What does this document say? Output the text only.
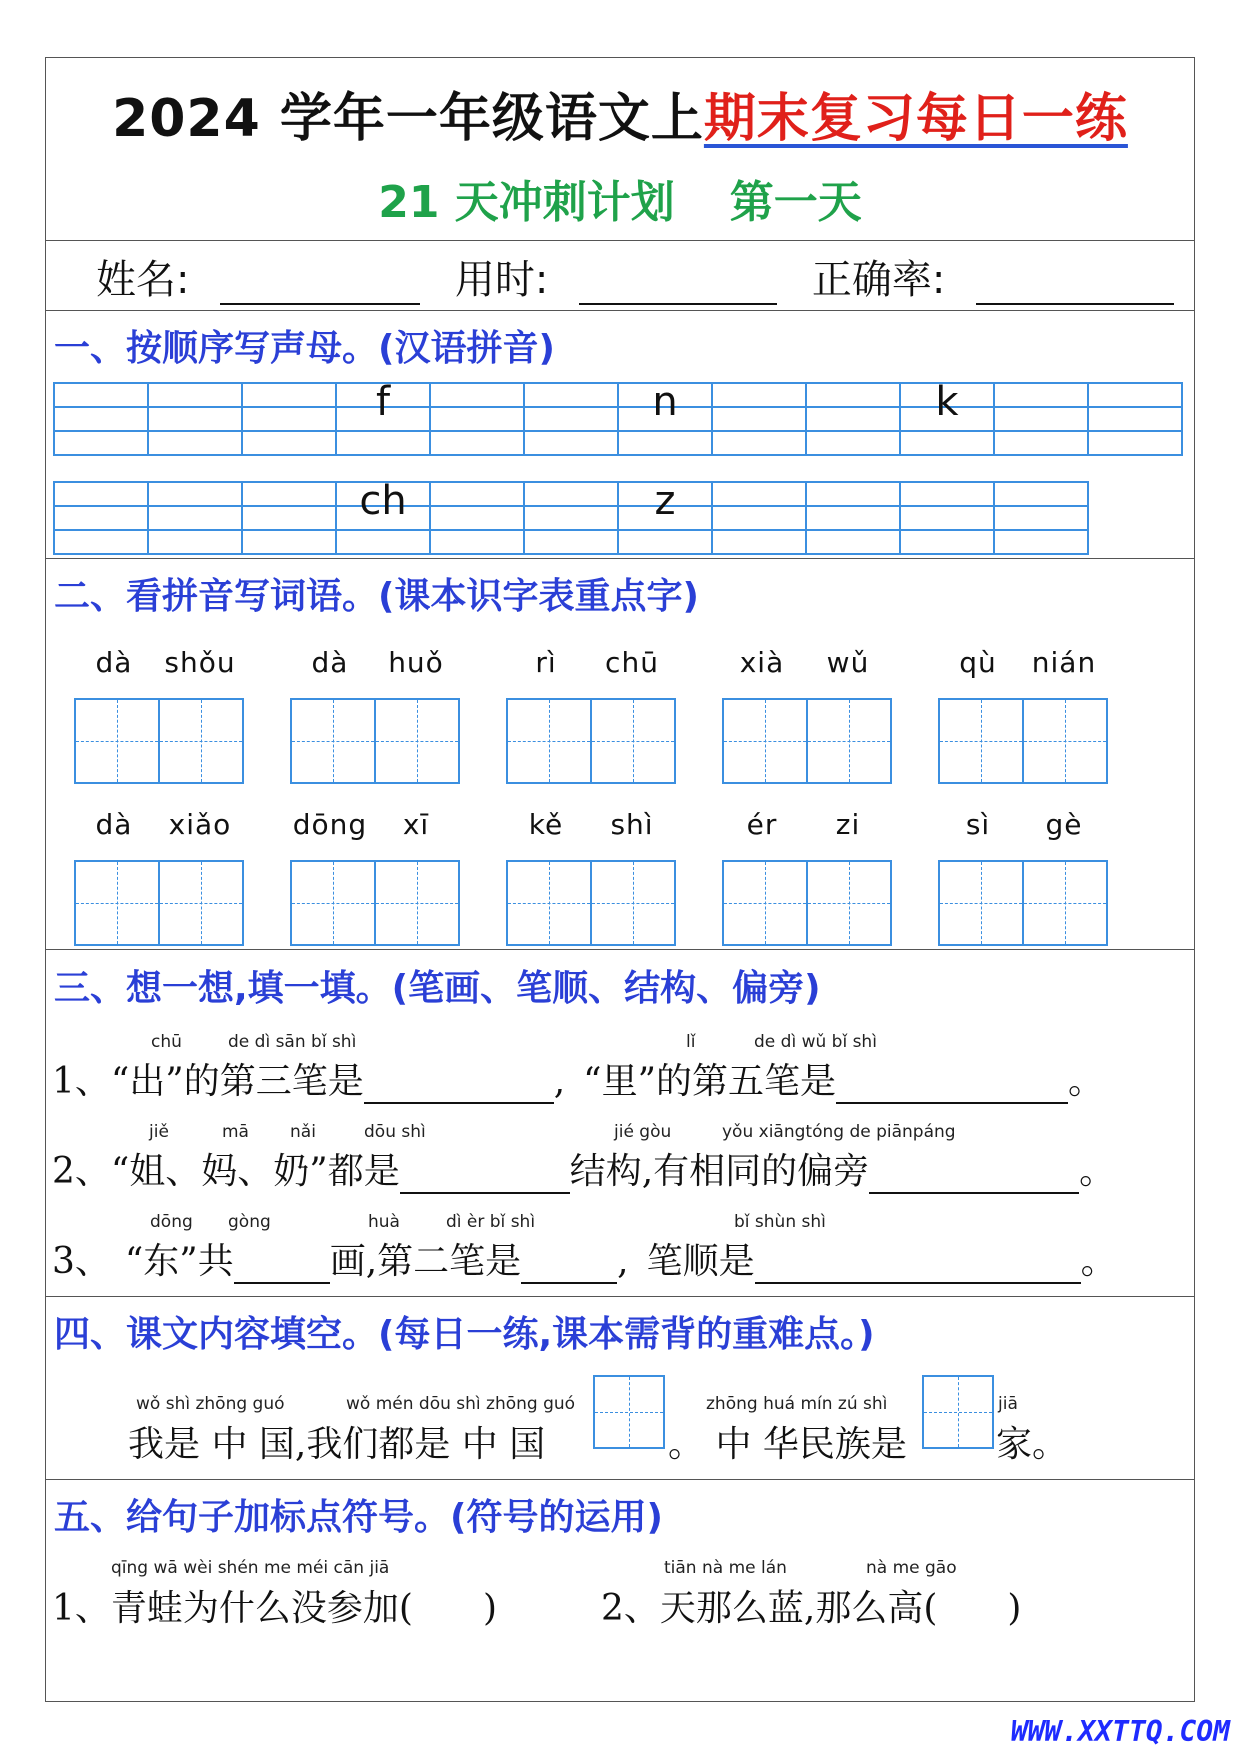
2024 学年一年级语文上期末复习每日一练
21 天冲刺计划 第一天
姓名:	用时:	正确率:
一、按顺序写声母。(汉语拼音)

			f			n			k		

			ch			z				

二、看拼音写词语。(课本识字表重点字)
dà shǒu	dà huǒ	rì chū	xià wǔ	qù nián
dà xiǎo	dōng xī	kě shì	ér zi	sì gè
三、想一想,填一填。(笔画、笔顺、结构、偏旁)
chū	de dì sān bǐ shì	lǐ	de dì wǔ bǐ shì
1、“出”的第三笔是	, “里”的第五笔是	。
jiě	mā nǎi	dōu shì	jié gòu	yǒu xiāngtóng de piānpáng
2、“姐、妈、奶”都是	结构,有相同的偏旁	。
dōng gòng	huà	dì èr bǐ shì	bǐ shùn shì
3、 “东”共	画,第二笔是	, 笔顺是	。
四、课文内容填空。(每日一练,课本需背的重难点。)
wǒ shì zhōng guó	wǒ mén dōu shì zhōng guó	zhōng huá mín zú shì	jiā
我是 中 国,我们都是 中 国	。 中 华民族是 家。
五、给句子加标点符号。(符号的运用)
qīng wā wèi shén me méi cān jiā	tiān nà me lán	nà me gāo
1、青蛙为什么没参加( )	2、天那么蓝,那么高( )
WWW.XXTTQ.COM
